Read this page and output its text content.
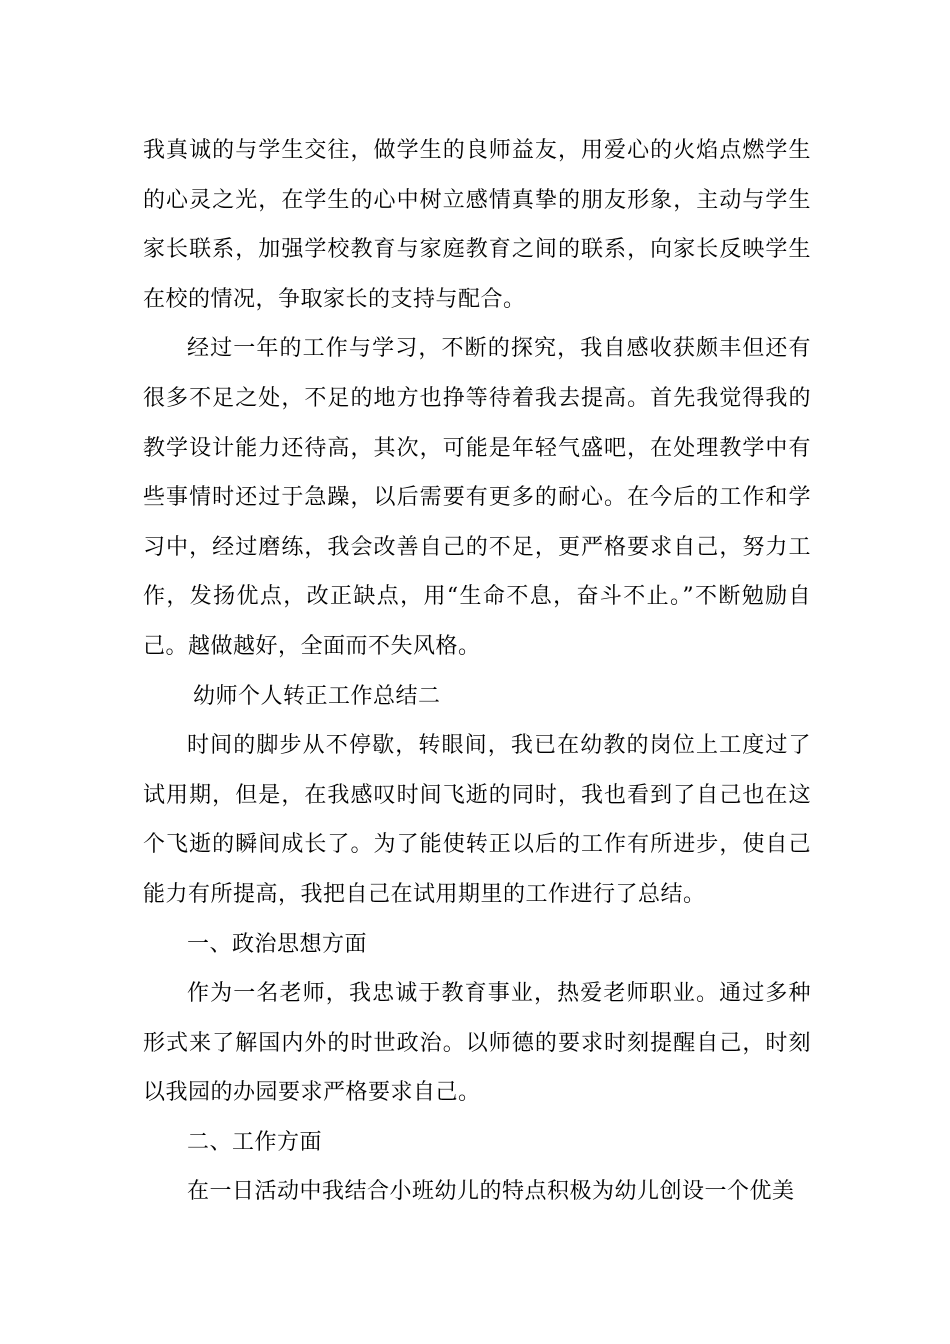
我真诚的与学生交往，做学生的良师益友，用爱心的火焰点燃学生的心灵之光，在学生的心中树立感情真挚的朋友形象，主动与学生家长联系，加强学校教育与家庭教育之间的联系，向家长反映学生在校的情况，争取家长的支持与配合。

经过一年的工作与学习，不断的探究，我自感收获颇丰但还有很多不足之处，不足的地方也挣等待着我去提高。首先我觉得我的教学设计能力还待高，其次，可能是年轻气盛吧，在处理教学中有些事情时还过于急躁，以后需要有更多的耐心。在今后的工作和学习中，经过磨练，我会改善自己的不足，更严格要求自己，努力工作，发扬优点，改正缺点，用“生命不息，奋斗不止。”不断勉励自己。越做越好，全面而不失风格。

幼师个人转正工作总结二

时间的脚步从不停歇，转眼间，我已在幼教的岗位上工度过了试用期，但是，在我感叹时间飞逝的同时，我也看到了自己也在这个飞逝的瞬间成长了。为了能使转正以后的工作有所进步，使自己能力有所提高，我把自己在试用期里的工作进行了总结。

一、政治思想方面

作为一名老师，我忠诚于教育事业，热爱老师职业。通过多种形式来了解国内外的时世政治。以师德的要求时刻提醒自己，时刻以我园的办园要求严格要求自己。

二、工作方面

在一日活动中我结合小班幼儿的特点积极为幼儿创设一个优美
